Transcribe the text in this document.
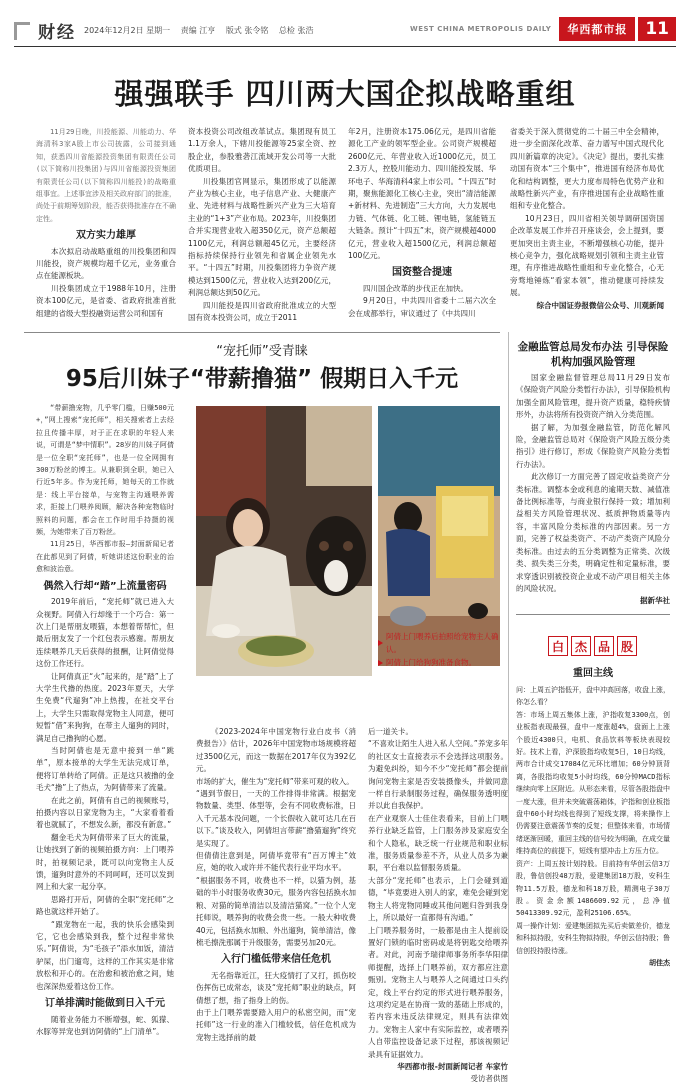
财经 2024年12月2日 星期一 责编 江亨 版式 张令铭 总检 张浩	WEST CHINA METROPOLIS DAILY	华西都市报	11
强强联手 四川两大国企拟战略重组

11月29日晚，川投能源、川能动力、华海清科3家A股上市公司披露，公司接到通知，获悉四川省能源投资集团有限责任公司(以下简称川投集团)与四川省能源投资集团有限责任公司(以下简称四川能投)的战略重组事宜。上述事宜涉及相关政府部门的批准，尚处于前期筹划阶段，能否获得批准存在不确定性。

双方实力雄厚

本次拟启动战略重组的川投集团和四川能投，资产规模均超千亿元，业务重合点在能源板块。

川投集团成立于1988年10月，注册资本100亿元，是省委、省政府批准首批组建的省级大型投融资运营公司和国有

资本投资公司改组改革试点。集团现有员工1.1万余人，下辖川投能源等25家全资、控股企业，参股雅砻江流域开发公司等一大批优质项目。

川投集团官网显示，集团形成了以能源产业为核心主业，电子信息产业、大健康产业、先进材料与战略性新兴产业为三大培育主业的“1+3”产业布局。2023年，川投集团合并实现营业收入超350亿元，资产总额超1100亿元，利润总额超45亿元，主要经济指标持续保持行业领先和省属企业领先水平。“十四五”时期，川投集团将力争资产规模达到1500亿元，营业收入达到200亿元，利润总额达到50亿元。

四川能投是四川省政府批准成立的大型国有资本投资公司，成立于2011

年2月，注册资本175.06亿元，是四川省能源化工产业的领军型企业。公司资产规模超2600亿元、年营业收入近1000亿元，员工2.3万人，控股川能动力、四川能投发展、华环电子、华海清科4家上市公司。“十四五”时期，聚焦能源化工核心主业，突出“清洁能源+新材料、先进制造”三大方向，大力发展电力链、气体链、化工链、锂电链，氢能链五大链条。预计“十四五”末，资产规模超4000亿元，营业收入超1500亿元，利润总额超100亿元。

国资整合提速

四川国企改革的步伐正在加快。

9月20日，中共四川省委十二届六次全会在成都举行，审议通过了《中共四川

省委关于深入贯彻党的二十届三中全会精神，进一步全面深化改革、奋力谱写中国式现代化四川新篇章的决定》。《决定》提出，要扎实推动国有资本“三个集中”，推进国有经济布局优化和结构调整，更大力度布局特色优势产业和战略性新兴产业，有序推进国有企业战略性重组和专业化整合。

10月23日，四川省相关领导调研国资国企改革发展工作并召开座谈会，会上提到，要更加突出主责主业，不断增强核心功能，提升核心竞争力，强化战略规划引领和主责主业管理，有序推进战略性重组和专业化整合，心无旁骛地锤炼“看家本领”，推动健康可持续发展。

综合中国证券报微信公众号、川观新闻

“宠托师”受青睐
95后川妹子“带薪撸猫” 假期日入千元

“带薪撸宠物，几乎零门槛，日赚500元+，”网上搜索“宠托师”，相关搜索者上去经拉且传播丰厚，对于正在求职的年轻人来说，可谓是“梦中情职”。28岁的川妹子阿倩是一位全职“宠托师”，也是一位全网拥有300万粉丝的博主。从兼职到全职，她已入行近5年多。作为宠托师，她每天的工作就是：线上平台接单，与宠物主沟通喂养需求，拒接上门喂养阅顾，解决各种宠物临时照料的问题，都会在工作时用手持摄的视频，为她带来了百万粉丝。

11月25日，华西都市报—封面新闻记者在此都见到了阿倩，听她讲述这份职业的治愈和波治意。

偶然入行却“踏”上流量密码

2019年前后，“宠托师”就已进入大众视野。阿倩入行却缘于一个巧合：第一次上门是帮朋友喂猫，本想着帮帮忙，但最后朋友发了一个红包表示感谢。帮朋友连续喂养几天后获得的报酬，让阿倩觉得这份工作还行。

让阿倩真正“火”起来的，是“踏”上了大学生代撸的热度。2023年夏天，大学生免费“代遛狗”冲上热搜，在社交平台上，大学生只需取得宠物主人同意，便可短暂“借”来狗狗，在带主人遛狗的同时，满足自己撸狗的心愿。

当时阿倩也是无意中接到一单“跳单”，原本接单的大学生无法完成订单，便将订单转给了阿倩。正是这只被撸的金毛犬“撸”上了热点，为阿倩带来了流量。

在此之前，阿倩有自己的视频账号，拍摄内容以日家宠物为主，“大家看着看着也就腻了，不想发么新，都没有新意。”

翻金毛犬为阿倩带来了巨大的流量，让她找到了新的视频拍摄方向：上门喂养时，拍视频记录，既可以向宠物主人反馈，遛狗时意外的不同呵呵，还可以发到网上和大家一起分享。

思路打开后，阿倩的全职“宠托师”之路也就这样开始了。

“跟宠物在一起，我的快乐会感染到它，它也会感染到我，整个过程非常快乐。”阿倩说，为“毛孩子”添水加饭，清洁驴屎，出门遛弯，这样的工作其实是非常放松和开心的。在治愈和被治愈之间，她也深深热爱着这份工作。

订单排满时能做到日入千元

随着业务能力不断增强，蛇、狐獴、水豚等异宠也到访阿倩的“上门清单”。

阿倩上门喂养后拍照给宠物主人确认。
阿倩上门给狗狗准备食物。

《2023-2024年中国宠物行业白皮书（消费报告）》估计，2026年中国宠物市场规模将超过3500亿元，而这一数据在2017年仅为392亿元。
市场的扩大，催生为“宠托师”带来可观的收入。
“遇到节假日，一天的工作排得非常满。根据宠物数量、类型、体型等，会有不同收费标准，日入千元基本没问题，一个长假收入就可达几在百以下。”谈及收入，阿倩坦言带薪“撸猫遛狗”终究是实现了。
但倩倩注意到是，阿倩毕竟带有“百万博主”效应，她的收入或许并不能代表行业平均水平。
“根据服务不同，收费也不一样，以猫为例，基础的半小时服务收费30元，服务内容包括换水加粮、对猫的简单清洁以及清洁猫窝。”一位个人宠托师说，喂养狗的收费会贵一些。一般大种收费40元，包括换水加粮、外出遛狗，简单清洁，像梳毛擦洗那属于升级服务，需要另加20元。

入行门槛低带来信任危机

无名指靠近江，狂大疫情打了又打，抓伤咬伤挥伤已成常态，谈及“宠托师”职业的缺点，阿倩想了想，指了指身上的伤。
由于上门喂养需要踏入用户的私密空间，而“宠托师”这一行业的准入门槛较低，信任危机成为宠物主选择前的最

后一道关卡。
“不喜欢让陌生人进入私人空间。”养宠多年的社区女士直接表示不会选择这项服务。为避免纠纷，知今不少“宠托师”都会提前询问宠物主家是否安装摄像头，并做同意一样自行录制服务过程，确保服务透明度并以此自我保护。
在产业观察人士佳住表看来，目前上门喂养行业缺乏监管，上门服务涉及家庭安全和个人隐私，缺乏统一行业规范和职业标准，服务质量参差不齐，从业人员多为兼职，平台难以监督服务质量。
大部分“宠托师”也表示，上门会碰到道德，“毕竟要进入别人的家，难免会碰到宠物主人将宠物同睡或其他问题归咎到我身上，所以最好一直都得有沟通。”
上门喂养服务时，一般都是由主人提前设置好门锁的临时密码或是将钥匙交给喂养者。对此，河南予瑞律师事务所李华阳律师提醒，选择上门喂养前，双方都应注意甄别。宠物主人与喂养人之间通过口头约定，线上平台约定的形式进行喂养服务，这项约定是在协商一致的基础上形成的，若内容未违反法律规定，则具有法律效力。宠物主人家中有实际监控，或者喂养人自带监控设备记录下过程，那该视频记录具有证据效力。

华西都市报-封面新闻记者 车家竹

受访者供图

金融监管总局发布办法 引导保险机构加强风险管理

国家金融监督管理总局11月29日发布《保险资产风险分类暂行办法》，引导保险机构加强全面风险管理，提升资产质量，稳特疾情形外，办法将所有投资资产纳入分类范围。

据了解，为加强金融监管，防范化解风险，金融监管总局对《保险资产风险五级分类指引》进行修订，形成《保险资产风险分类暂行办法》。

此次修订一方面完善了固定收益类资产分类标准。调整本金或利息的逾期天数、减值准备比例标准等，与商业银行保持一致；增加利益相关方风险管理状况、抵质押物质量等内容，丰富风险分类标准的内部因素。另一方面，完善了权益类资产、不动产类资产风险分类标准。由过去的五分类调整为正常类、次级类、损失类三分类，明确定性和定量标准，要求穿透识别被投资企业或不动产项目相关主体的风险状况。

据新华社

白 杰 品 股
重回主线

问：上周五沪指低开，盘中冲高回落，收盘上涨，你怎么看？
答：市场上周五集体上涨，沪指收复3300点，创业板指表现最强，盘中一度涨超4%，盘面上上涨个股近4300只，电机、食品饮料等板块表现较好。技术上看，沪深股指均收复5日，10日均线，两市合计成交17084亿元环比增加；60分钟顶背离，各股指均收复5小时均线，60分钟MACD指标继续向零上区附近。从形态来看，尽管各股指盘中一度大涨，但并未突破震荡箱体，沪指和创业板指盘中60小时均线也得到了短线支撑，将来操作上仍需要注意震荡节奏的反复；但整体来看，市场情绪逐渐回暖，重回主线的信号较为明确，在成交量维持高位的前提下，短线有望冲击上方压力位。
资产：上周五按计划持股。目前持有华创云信3万股，鲁信创投48万股，爱建集团18万股，安科生物11.5万股，德龙和科18万股，精测电子30万股。资金余额1486609.92元，总净值50413309.92元，盈利25106.65%。
周一操作计划：爱建集团拟先买后卖做差价，德龙和科拟持股，安科生物拟持股，华创云信持股；鲁信创投持股待涨。

胡佳杰
